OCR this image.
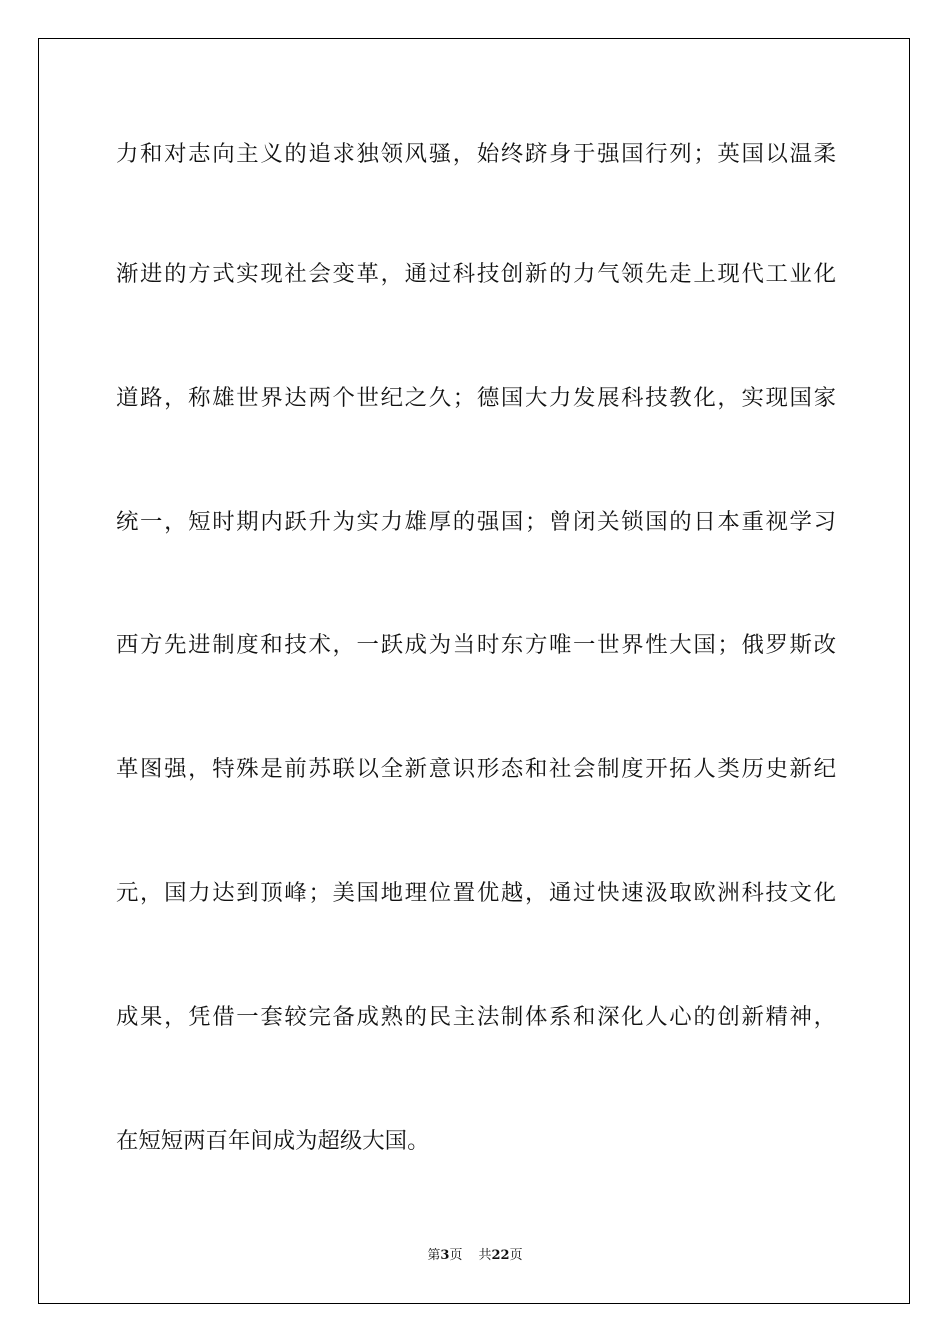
力和对志向主义的追求独领风骚，始终跻身于强国行列；英国以温柔
渐进的方式实现社会变革，通过科技创新的力气领先走上现代工业化
道路，称雄世界达两个世纪之久；德国大力发展科技教化，实现国家
统一，短时期内跃升为实力雄厚的强国；曾闭关锁国的日本重视学习
西方先进制度和技术，一跃成为当时东方唯一世界性大国；俄罗斯改
革图强，特殊是前苏联以全新意识形态和社会制度开拓人类历史新纪
元，国力达到顶峰；美国地理位置优越，通过快速汲取欧洲科技文化
成果，凭借一套较完备成熟的民主法制体系和深化人心的创新精神，
在短短两百年间成为超级大国。
第3页 共22页
